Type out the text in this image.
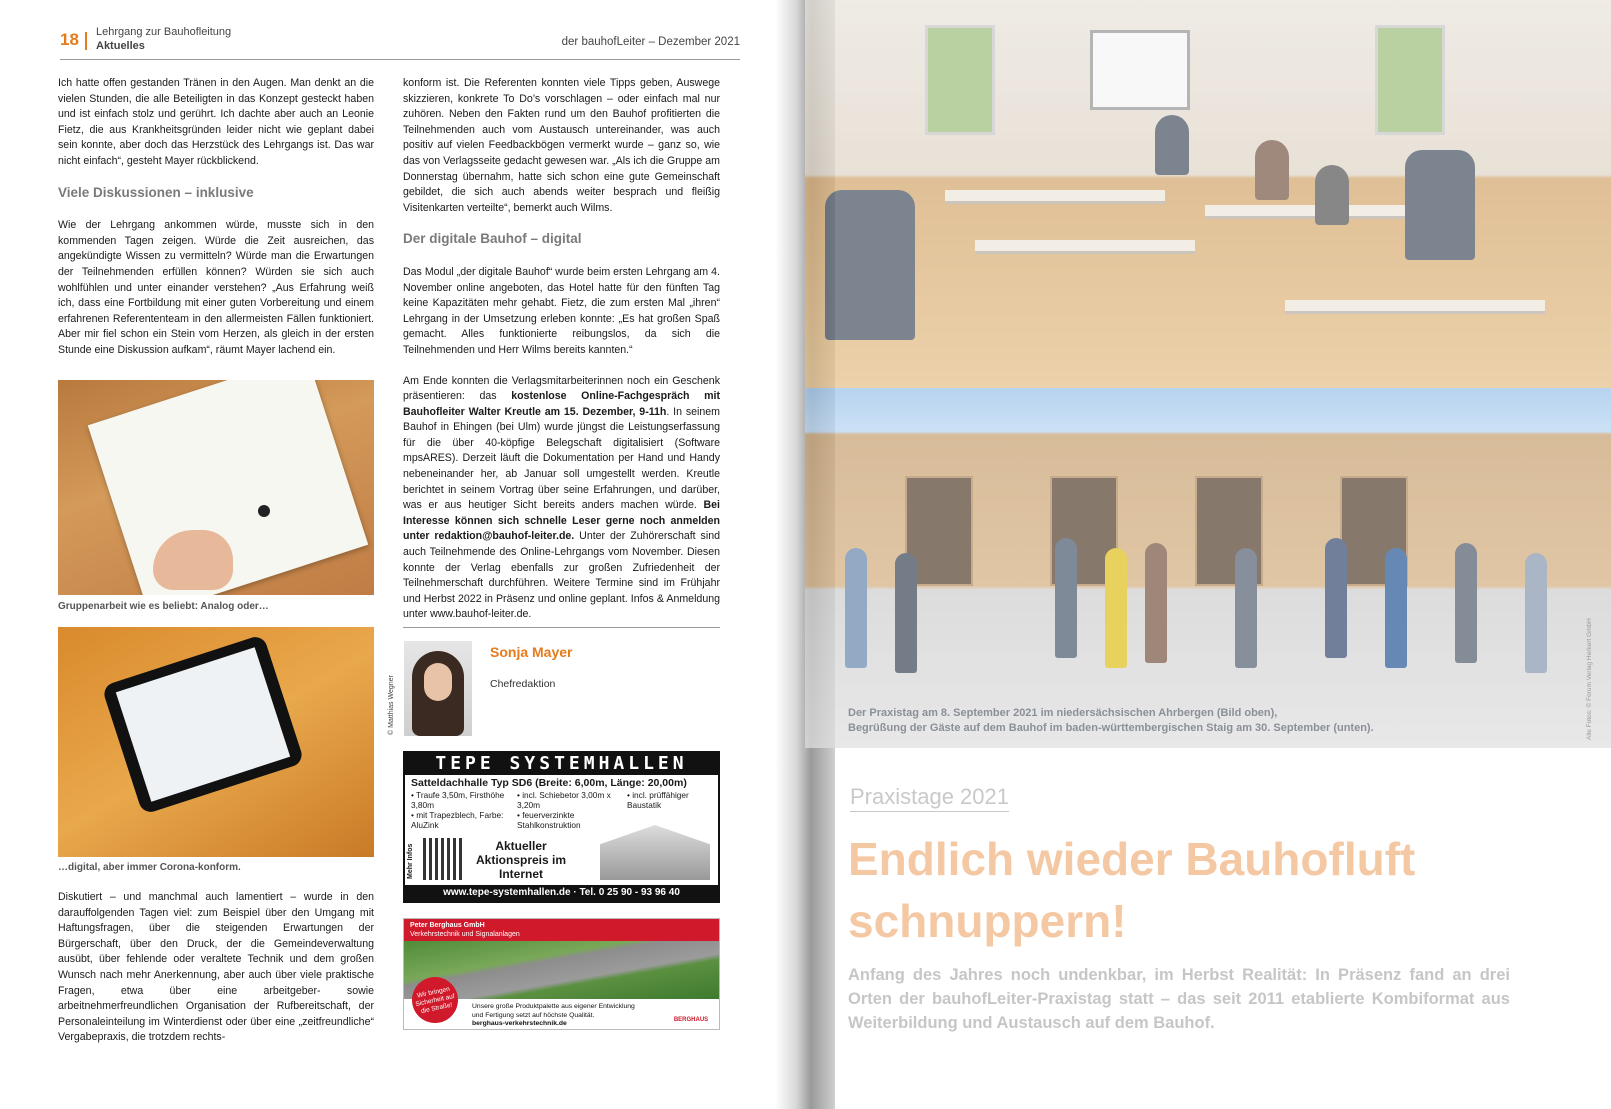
18 Lehrgang zur Bauhofleitung
Aktuelles	der bauhofLeiter – Dezember 2021

Ich hatte offen gestanden Tränen in den Augen. Man denkt an die vielen Stunden, die alle Beteiligten in das Konzept gesteckt haben und ist einfach stolz und gerührt. Ich dachte aber auch an Leonie Fietz, die aus Krankheitsgründen leider nicht wie geplant dabei sein konnte, aber doch das Herzstück des Lehrgangs ist. Das war nicht einfach“, gesteht Mayer rückblickend.

Viele Diskussionen – inklusive

Wie der Lehrgang ankommen würde, musste sich in den kommenden Tagen zeigen. Würde die Zeit ausreichen, das angekündigte Wissen zu vermitteln? Würde man die Erwartungen der Teilnehmenden erfüllen können? Würden sie sich auch wohlfühlen und unter einander verstehen? „Aus Erfahrung weiß ich, dass eine Fortbildung mit einer guten Vorbereitung und einem erfahrenen Referententeam in den allermeisten Fällen funktioniert. Aber mir fiel schon ein Stein vom Herzen, als gleich in der ersten Stunde eine Diskussion aufkam“, räumt Mayer lachend ein.

Gruppenarbeit wie es beliebt: Analog oder…
…digital, aber immer Corona-konform.

Diskutiert – und manchmal auch lamentiert – wurde in den darauffolgenden Tagen viel: zum Beispiel über den Umgang mit Haftungsfragen, über die steigenden Erwartungen der Bürgerschaft, über den Druck, der die Gemeindeverwaltung ausübt, über fehlende oder veraltete Technik und dem großen Wunsch nach mehr Anerkennung, aber auch über viele praktische Fragen, etwa über eine arbeitgeber- sowie arbeitnehmerfreundlichen Organisation der Rufbereitschaft, der Personaleinteilung im Winterdienst oder über eine „zeitfreundliche“ Vergabepraxis, die trotzdem rechts-

konform ist. Die Referenten konnten viele Tipps geben, Auswege skizzieren, konkrete To Do’s vorschlagen – oder einfach mal nur zuhören. Neben den Fakten rund um den Bauhof profitierten die Teilnehmenden auch vom Austausch untereinander, was auch positiv auf vielen Feedbackbögen vermerkt wurde – ganz so, wie das von Verlagsseite gedacht gewesen war. „Als ich die Gruppe am Donnerstag übernahm, hatte sich schon eine gute Gemeinschaft gebildet, die sich auch abends weiter besprach und fleißig Visitenkarten verteilte“, bemerkt auch Wilms.

Der digitale Bauhof – digital

Das Modul „der digitale Bauhof“ wurde beim ersten Lehrgang am 4. November online angeboten, das Hotel hatte für den fünften Tag keine Kapazitäten mehr gehabt. Fietz, die zum ersten Mal „ihren“ Lehrgang in der Umsetzung erleben konnte: „Es hat großen Spaß gemacht. Alles funktionierte reibungslos, da sich die Teilnehmenden und Herr Wilms bereits kannten.“

Am Ende konnten die Verlagsmitarbeiterinnen noch ein Geschenk präsentieren: das kostenlose Online-Fachgespräch mit Bauhofleiter Walter Kreutle am 15. Dezember, 9-11h. In seinem Bauhof in Ehingen (bei Ulm) wurde jüngst die Leistungserfassung für die über 40-köpfige Belegschaft digitalisiert (Software mpsARES). Derzeit läuft die Dokumentation per Hand und Handy nebeneinander her, ab Januar soll umgestellt werden. Kreutle berichtet in seinem Vortrag über seine Erfahrungen, und darüber, was er aus heutiger Sicht bereits anders machen würde. Bei Interesse können sich schnelle Leser gerne noch anmelden unter redaktion@bauhof-leiter.de. Unter der Zuhörerschaft sind auch Teilnehmende des Online-Lehrgangs vom November. Diesen konnte der Verlag ebenfalls zur großen Zufriedenheit der Teilnehmerschaft durchführen. Weitere Termine sind im Frühjahr und Herbst 2022 in Präsenz und online geplant. Infos & Anmeldung unter www.bauhof-leiter.de.

© Matthias Wegner
Sonja Mayer
Chefredaktion
TEPE SYSTEMHALLEN
Satteldachhalle Typ SD6 (Breite: 6,00m, Länge: 20,00m)
• Traufe 3,50m, Firsthöhe 3,80m
• mit Trapezblech, Farbe: AluZink
• incl. Schiebetor 3,00m x 3,20m
• feuerverzinkte Stahlkonstruktion
• incl. prüffähiger Baustatik
Mehr Infos	Aktueller Aktionspreis im Internet
www.tepe-systemhallen.de · Tel. 0 25 90 - 93 96 40
Peter Berghaus GmbH
Verkehrstechnik und Signalanlagen
Wir bringen Sicherheit auf die Straße!	Unsere große Produktpalette aus eigener Entwicklung
und Fertigung setzt auf höchste Qualität.
berghaus-verkehrstechnik.de	BERGHAUS
Der Praxistag am 8. September 2021 im niedersächsischen Ahrbergen (Bild oben),
Begrüßung der Gäste auf dem Bauhof im baden-württembergischen Staig am 30. September (unten).	Alle Fotos: © Forum Verlag Herkert GmbH
Praxistage 2021
Endlich wieder Bauhofluft
schnuppern!
Anfang des Jahres noch undenkbar, im Herbst Realität: In Präsenz fand an drei Orten der bauhofLeiter-Praxistag statt – das seit 2011 etablierte Kombiformat aus Weiterbildung und Austausch auf dem Bauhof.
